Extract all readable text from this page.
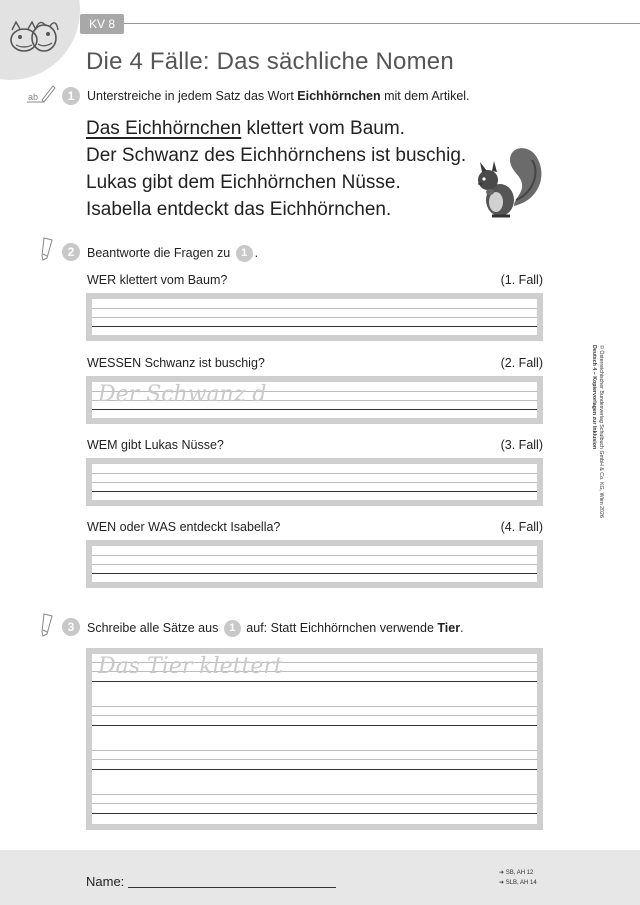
KV 8
Die 4 Fälle: Das sächliche Nomen
ab	1	Unterstreiche in jedem Satz das Wort Eichhörnchen mit dem Artikel.
Das Eichhörnchen klettert vom Baum.
Der Schwanz des Eichhörnchens ist buschig.
Lukas gibt dem Eichhörnchen Nüsse.
Isabella entdeckt das Eichhörnchen.
2	Beantworte die Fragen zu 1 .
WER klettert vom Baum?	(1. Fall)
WESSEN Schwanz ist buschig?	(2. Fall)
Der Schwanz d
WEM gibt Lukas Nüsse?	(3. Fall)
WEN oder WAS entdeckt Isabella?	(4. Fall)
3	Schreibe alle Sätze aus 1 auf: Statt Eichhörnchen verwende Tier.
Das Tier klettert
© Österreichischer Bundesverlag Schulbuch GmbH & Co. KG, Wien 2026
Deutsch 4 – Kopiervorlagen zur Inklusion
Name:
➔ SB, AH 12
➔ SLB, AH 14
